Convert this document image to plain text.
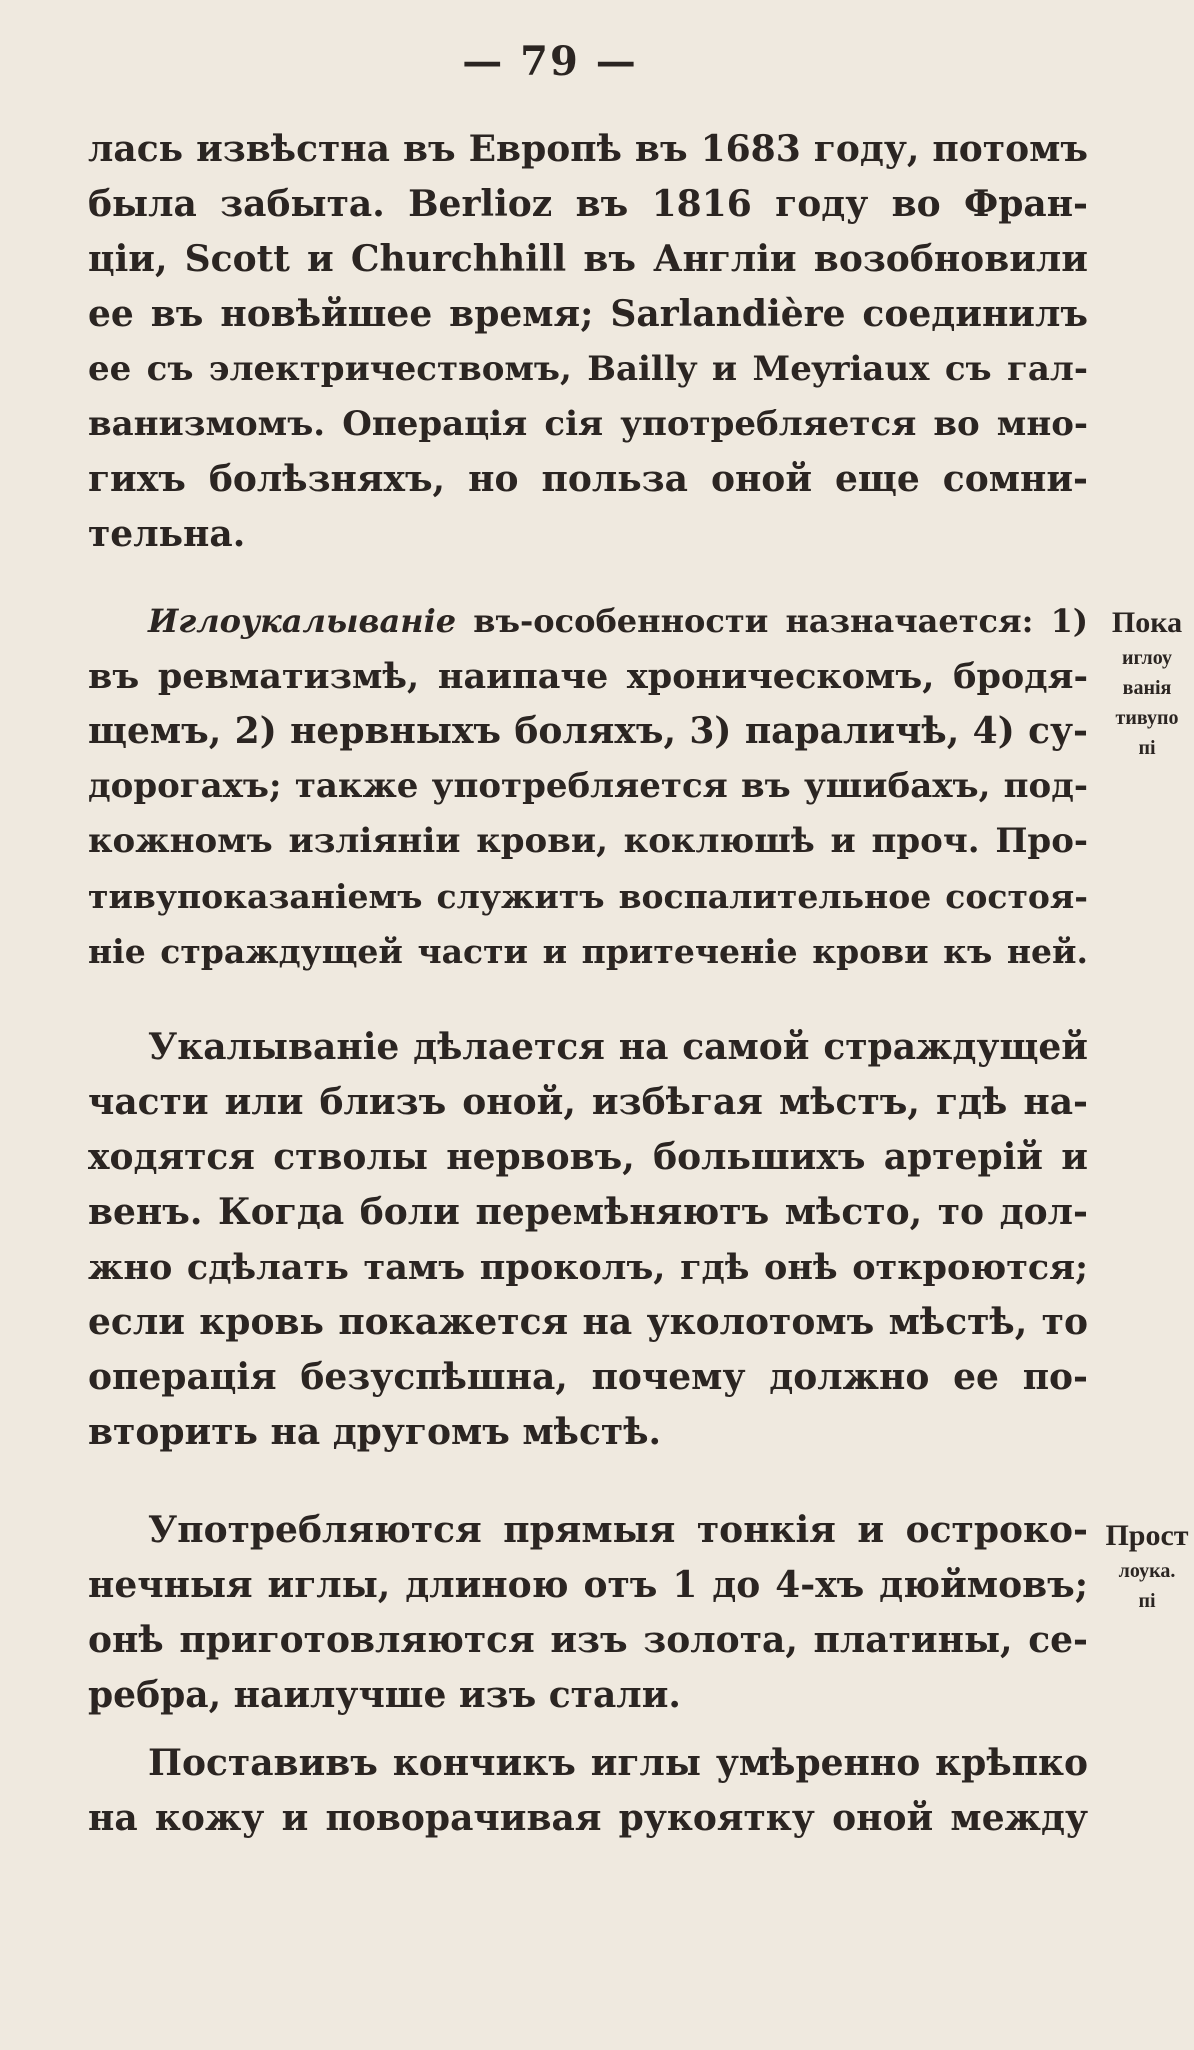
— 79 —
лась извѣстна въ Европѣ въ 1683 году, потомъ
была забыта. Berlioz въ 1816 году во Фран-
ціи, Scott и Churchhill въ Англіи возобновили
ее въ новѣйшее время; Sarlandière соединилъ
ее съ электричествомъ, Bailly и Meyriaux съ гал-
ванизмомъ. Операція сія употребляется во мно-
гихъ болѣзняхъ, но польза оной еще сомни-
тельна.
Иглоукалываніе въ-особенности назначается: 1)
въ ревматизмѣ, наипаче хроническомъ, бродя-
щемъ, 2) нервныхъ боляхъ, 3) параличѣ, 4) су-
дорогахъ; также употребляется въ ушибахъ, под-
кожномъ изліяніи крови, коклюшѣ и проч. Про-
тивупоказаніемъ служитъ воспалительное состоя-
ніе страждущей части и притеченіе крови къ ней.
Укалываніе дѣлается на самой страждущей
части или близъ оной, избѣгая мѣстъ, гдѣ на-
ходятся стволы нервовъ, большихъ артерій и
венъ. Когда боли перемѣняютъ мѣсто, то дол-
жно сдѣлать тамъ проколъ, гдѣ онѣ откроются;
если кровь покажется на уколотомъ мѣстѣ, то
операція безуспѣшна, почему должно ее по-
вторить на другомъ мѣстѣ.
Употребляются прямыя тонкія и остроко-
нечныя иглы, длиною отъ 1 до 4-хъ дюймовъ;
онѣ приготовляются изъ золота, платины, се-
ребра, наилучше изъ стали.
Поставивъ кончикъ иглы умѣренно крѣпко
на кожу и поворачивая рукоятку оной между
Пока
иглоу
ванія
тивупо
пі
Прост
лоука.
пі
